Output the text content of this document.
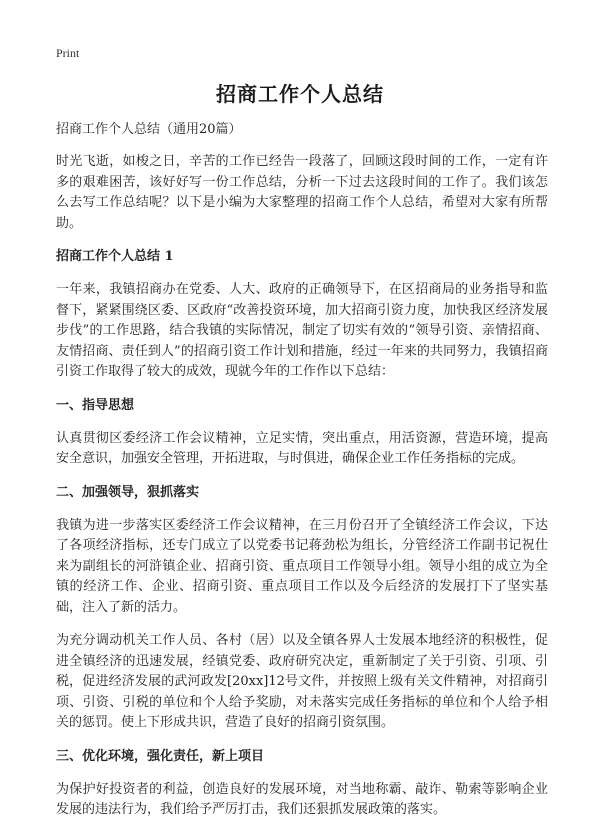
Print
招商工作个人总结
招商工作个人总结（通用20篇）

时光飞逝，如梭之日，辛苦的工作已经告一段落了，回顾这段时间的工作，一定有许多的艰难困苦，该好好写一份工作总结，分析一下过去这段时间的工作了。我们该怎么去写工作总结呢？以下是小编为大家整理的招商工作个人总结，希望对大家有所帮助。

招商工作个人总结 1

一年来，我镇招商办在党委、人大、政府的正确领导下，在区招商局的业务指导和监督下，紧紧围绕区委、区政府“改善投资环境，加大招商引资力度，加快我区经济发展步伐”的工作思路，结合我镇的实际情况，制定了切实有效的“领导引资、亲情招商、友情招商、责任到人”的招商引资工作计划和措施，经过一年来的共同努力，我镇招商引资工作取得了较大的成效，现就今年的工作作以下总结：

一、指导思想

认真贯彻区委经济工作会议精神，立足实情，突出重点，用活资源，营造环境，提高安全意识，加强安全管理，开拓进取，与时俱进，确保企业工作任务指标的完成。

二、加强领导，狠抓落实

我镇为进一步落实区委经济工作会议精神，在三月份召开了全镇经济工作会议，下达了各项经济指标，还专门成立了以党委书记蒋劲松为组长，分管经济工作副书记祝仕来为副组长的河浒镇企业、招商引资、重点项目工作领导小组。领导小组的成立为全镇的经济工作、企业、招商引资、重点项目工作以及今后经济的发展打下了坚实基础，注入了新的活力。

为充分调动机关工作人员、各村（居）以及全镇各界人士发展本地经济的积极性，促进全镇经济的迅速发展，经镇党委、政府研究决定，重新制定了关于引资、引项、引税，促进经济发展的武河政发[20xx]12号文件，并按照上级有关文件精神，对招商引项、引资、引税的单位和个人给予奖励，对未落实完成任务指标的单位和个人给予相关的惩罚。使上下形成共识，营造了良好的招商引资氛围。

三、优化环境，强化责任，新上项目

为保护好投资者的利益，创造良好的发展环境，对当地称霸、敲诈、勒索等影响企业发展的违法行为，我们给予严厉打击，我们还狠抓发展政策的落实。
